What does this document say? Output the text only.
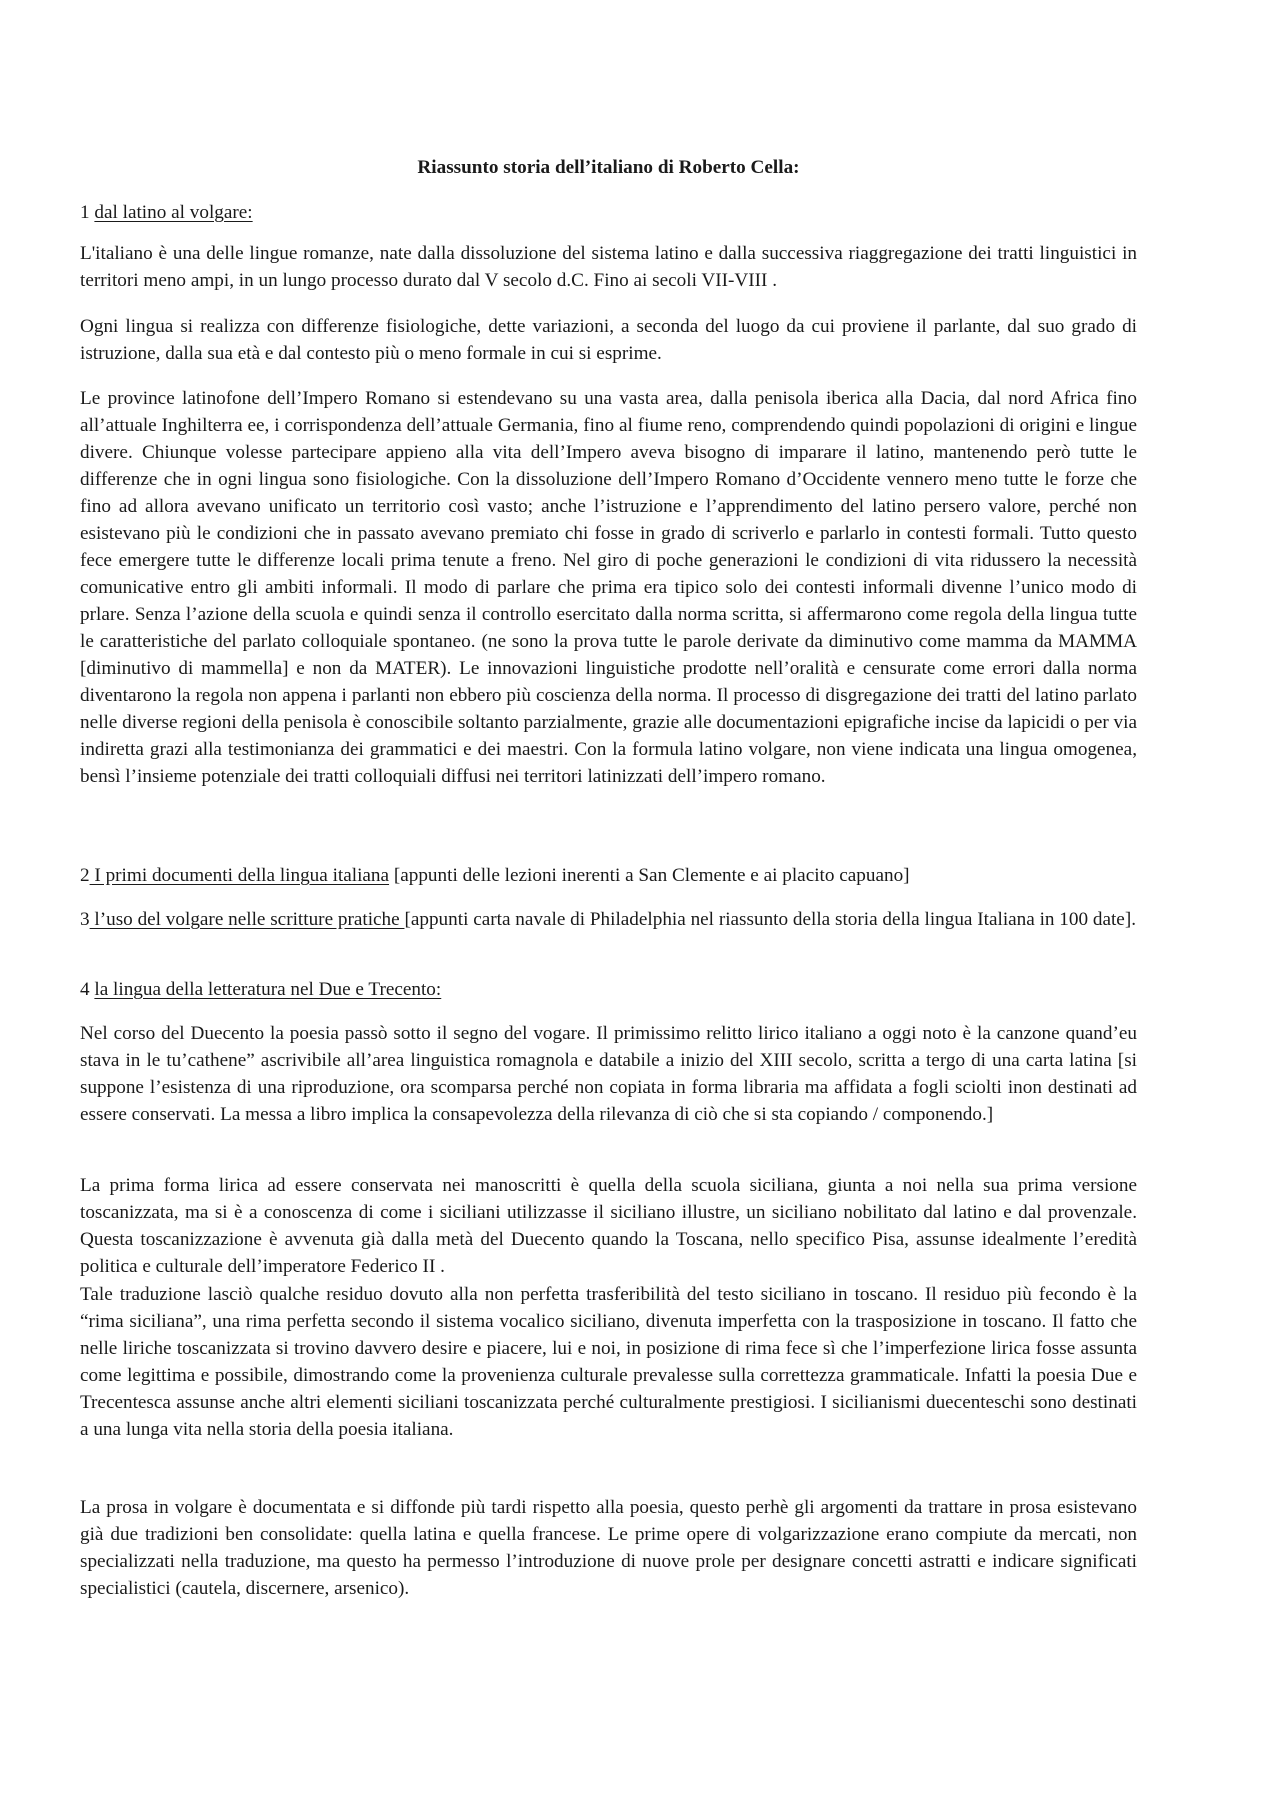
Riassunto storia dell’italiano di Roberto Cella:
1 dal latino al volgare:

L'italiano è una delle lingue romanze, nate dalla dissoluzione del sistema latino e dalla successiva riaggregazione dei tratti linguistici in territori meno ampi, in un lungo processo durato dal V secolo d.C. Fino ai secoli VII-VIII .

Ogni lingua si realizza con differenze fisiologiche, dette variazioni, a seconda del luogo da cui proviene il parlante, dal suo grado di istruzione, dalla sua età e dal contesto più o meno formale in cui si esprime.

Le province latinofone dell’Impero Romano si estendevano su una vasta area, dalla penisola iberica alla Dacia, dal nord Africa fino all’attuale Inghilterra ee, i corrispondenza dell’attuale Germania, fino al fiume reno, comprendendo quindi popolazioni di origini e lingue divere. Chiunque volesse partecipare appieno alla vita dell’Impero aveva bisogno di imparare il latino, mantenendo però tutte le differenze che in ogni lingua sono fisiologiche. Con la dissoluzione dell’Impero Romano d’Occidente vennero meno tutte le forze che fino ad allora avevano unificato un territorio così vasto; anche l’istruzione e l’apprendimento del latino persero valore, perché non esistevano più le condizioni che in passato avevano premiato chi fosse in grado di scriverlo e parlarlo in contesti formali. Tutto questo fece emergere tutte le differenze locali prima tenute a freno. Nel giro di poche generazioni le condizioni di vita ridussero la necessità comunicative entro gli ambiti informali. Il modo di parlare che prima era tipico solo dei contesti informali divenne l’unico modo di prlare. Senza l’azione della scuola e quindi senza il controllo esercitato dalla norma scritta, si affermarono come regola della lingua tutte le caratteristiche del parlato colloquiale spontaneo. (ne sono la prova tutte le parole derivate da diminutivo come mamma da MAMMA [diminutivo di mammella] e non da MATER). Le innovazioni linguistiche prodotte nell’oralità e censurate come errori dalla norma diventarono la regola non appena i parlanti non ebbero più coscienza della norma. Il processo di disgregazione dei tratti del latino parlato nelle diverse regioni della penisola è conoscibile soltanto parzialmente, grazie alle documentazioni epigrafiche incise da lapicidi o per via indiretta grazi alla testimonianza dei grammatici e dei maestri. Con la formula latino volgare, non viene indicata una lingua omogenea, bensì l’insieme potenziale dei tratti colloquiali diffusi nei territori latinizzati dell’impero romano.

2 I primi documenti della lingua italiana [appunti delle lezioni inerenti a San Clemente e ai placito capuano]

3 l’uso del volgare nelle scritture pratiche [appunti carta navale di Philadelphia nel riassunto della storia della lingua Italiana in 100 date].

4 la lingua della letteratura nel Due e Trecento:

Nel corso del Duecento la poesia passò sotto il segno del vogare. Il primissimo relitto lirico italiano a oggi noto è la canzone quand’eu stava in le tu’cathene” ascrivibile all’area linguistica romagnola e databile a inizio del XIII secolo, scritta a tergo di una carta latina [si suppone l’esistenza di una riproduzione, ora scomparsa perché non copiata in forma libraria ma affidata a fogli sciolti inon destinati ad essere conservati. La messa a libro implica la consapevolezza della rilevanza di ciò che si sta copiando / componendo.]

La prima forma lirica ad essere conservata nei manoscritti è quella della scuola siciliana, giunta a noi nella sua prima versione toscanizzata, ma si è a conoscenza di come i siciliani utilizzasse il siciliano illustre, un siciliano nobilitato dal latino e dal provenzale. Questa toscanizzazione è avvenuta già dalla metà del Duecento quando la Toscana, nello specifico Pisa, assunse idealmente l’eredità politica e culturale dell’imperatore Federico II .

Tale traduzione lasciò qualche residuo dovuto alla non perfetta trasferibilità del testo siciliano in toscano. Il residuo più fecondo è la “rima siciliana”, una rima perfetta secondo il sistema vocalico siciliano, divenuta imperfetta con la trasposizione in toscano. Il fatto che nelle liriche toscanizzata si trovino davvero desire e piacere, lui e noi, in posizione di rima fece sì che l’imperfezione lirica fosse assunta come legittima e possibile, dimostrando come la provenienza culturale prevalesse sulla correttezza grammaticale. Infatti la poesia Due e Trecentesca assunse anche altri elementi siciliani toscanizzata perché culturalmente prestigiosi. I sicilianismi duecenteschi sono destinati a una lunga vita nella storia della poesia italiana.

La prosa in volgare è documentata e si diffonde più tardi rispetto alla poesia, questo perhè gli argomenti da trattare in prosa esistevano già due tradizioni ben consolidate: quella latina e quella francese. Le prime opere di volgarizzazione erano compiute da mercati, non specializzati nella traduzione, ma questo ha permesso l’introduzione di nuove prole per designare concetti astratti e indicare significati specialistici (cautela, discernere, arsenico).
